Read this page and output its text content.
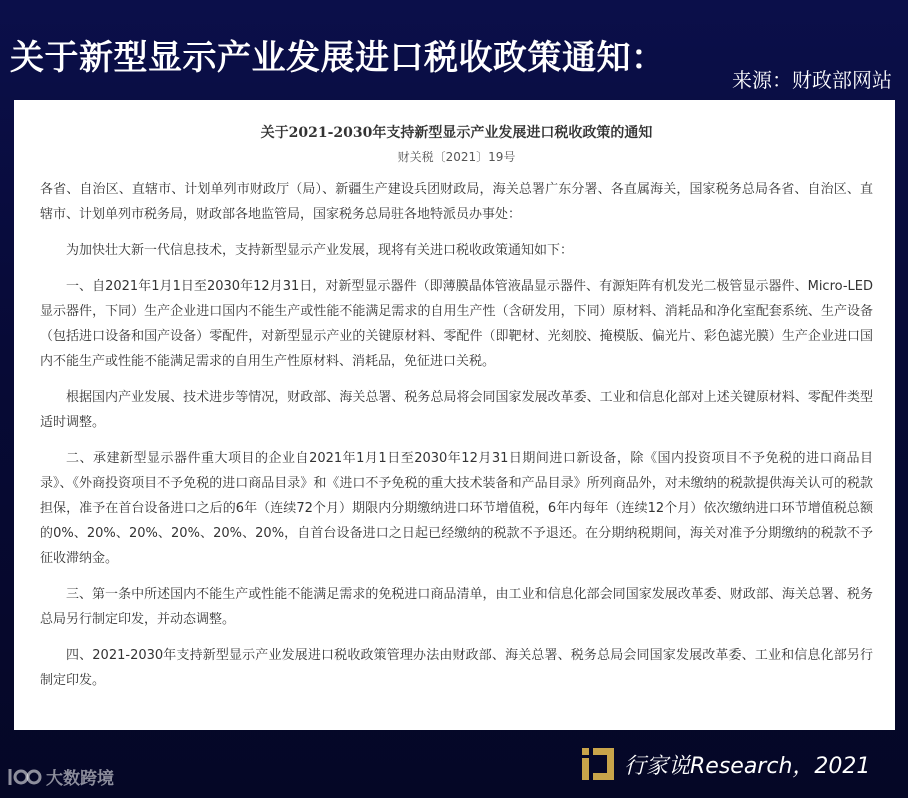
关于新型显示产业发展进口税收政策通知：
来源：财政部网站
关于2021-2030年支持新型显示产业发展进口税收政策的通知
财关税〔2021〕19号

各省、自治区、直辖市、计划单列市财政厅（局）、新疆生产建设兵团财政局，海关总署广东分署、各直属海关，国家税务总局各省、自治区、直辖市、计划单列市税务局，财政部各地监管局，国家税务总局驻各地特派员办事处：

为加快壮大新一代信息技术，支持新型显示产业发展，现将有关进口税收政策通知如下：

一、自2021年1月1日至2030年12月31日，对新型显示器件（即薄膜晶体管液晶显示器件、有源矩阵有机发光二极管显示器件、Micro-LED显示器件，下同）生产企业进口国内不能生产或性能不能满足需求的自用生产性（含研发用，下同）原材料、消耗品和净化室配套系统、生产设备（包括进口设备和国产设备）零配件，对新型显示产业的关键原材料、零配件（即靶材、光刻胶、掩模版、偏光片、彩色滤光膜）生产企业进口国内不能生产或性能不能满足需求的自用生产性原材料、消耗品，免征进口关税。

根据国内产业发展、技术进步等情况，财政部、海关总署、税务总局将会同国家发展改革委、工业和信息化部对上述关键原材料、零配件类型适时调整。

二、承建新型显示器件重大项目的企业自2021年1月1日至2030年12月31日期间进口新设备，除《国内投资项目不予免税的进口商品目录》、《外商投资项目不予免税的进口商品目录》和《进口不予免税的重大技术装备和产品目录》所列商品外，对未缴纳的税款提供海关认可的税款担保，准予在首台设备进口之后的6年（连续72个月）期限内分期缴纳进口环节增值税，6年内每年（连续12个月）依次缴纳进口环节增值税总额的0%、20%、20%、20%、20%、20%，自首台设备进口之日起已经缴纳的税款不予退还。在分期纳税期间，海关对准予分期缴纳的税款不予征收滞纳金。

三、第一条中所述国内不能生产或性能不能满足需求的免税进口商品清单，由工业和信息化部会同国家发展改革委、财政部、海关总署、税务总局另行制定印发，并动态调整。

四、2021-2030年支持新型显示产业发展进口税收政策管理办法由财政部、海关总署、税务总局会同国家发展改革委、工业和信息化部另行制定印发。

行家说Research，2021
大数跨境
